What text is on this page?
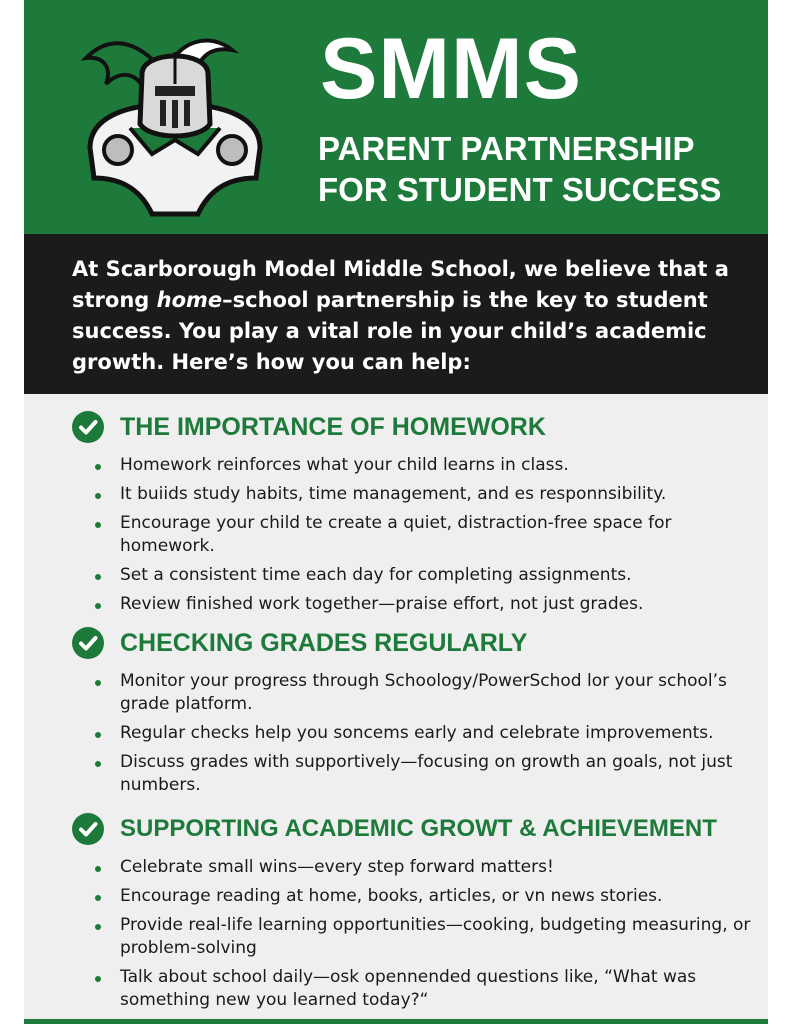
SMMS
PARENT PARTNERSHIP
FOR STUDENT SUCCESS

At Scarborough Model Middle School, we believe that a strong home–school partnership is the key to student success. You play a vital role in your child’s academic growth. Here’s how you can help:

THE IMPORTANCE OF HOMEWORK
Homework reinforces what your child learns in class.
It buiids study habits, time management, and es responnsibility.
Encourage your child te create a quiet, distraction-free space for homework.
Set a consistent time each day for completing assignments.
Review finished work together—praise effort, not just grades.
CHECKING GRADES REGULARLY
Monitor your progress through Schoology/PowerSchod lor your school’s grade platform.
Regular checks help you soncems early and celebrate improvements.
Discuss grades with supportively—focusing on growth an goals, not just numbers.
SUPPORTING ACADEMIC GROWT & ACHIEVEMENT
Celebrate small wins—every step forward matters!
Encourage reading at home, books, articles, or vn news stories.
Provide real-life learning opportunities—cooking, budgeting measuring, or problem-solving
Talk about school daily—osk opennended questions like, “What was something new you learned today?“
